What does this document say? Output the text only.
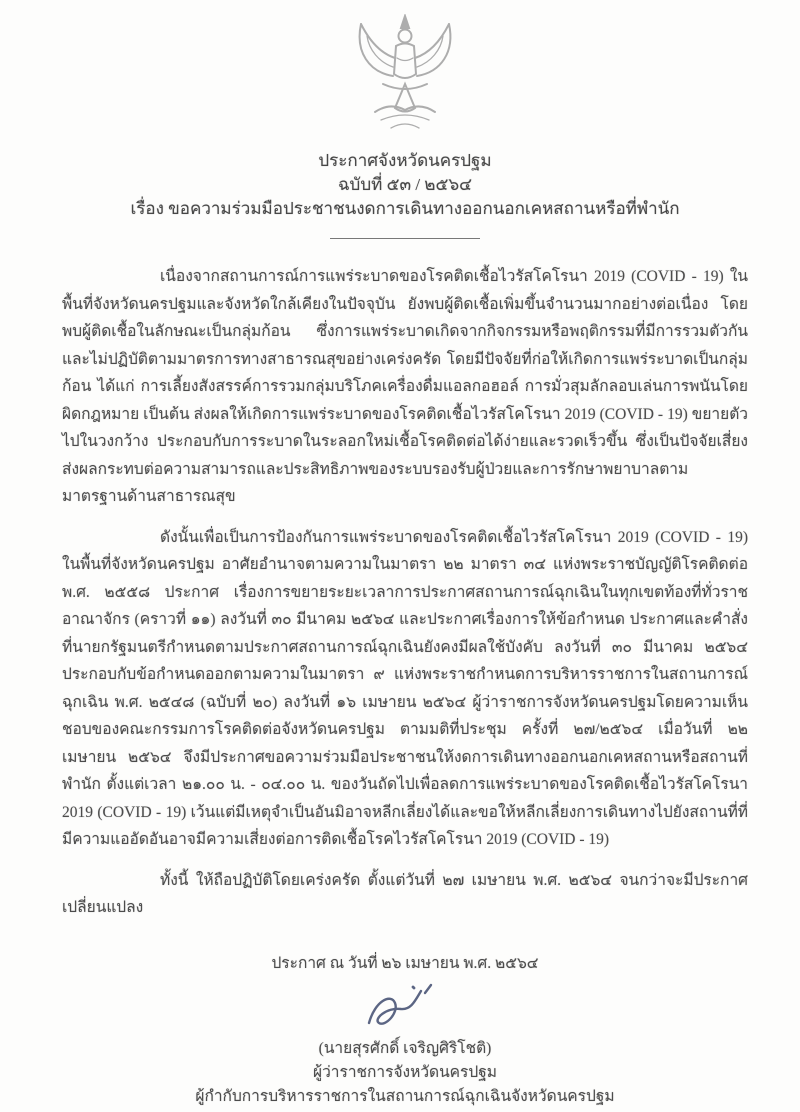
ประกาศจังหวัดนครปฐม
ฉบับที่ ๕๓ / ๒๕๖๔
เรื่อง ขอความร่วมมือประชาชนงดการเดินทางออกนอกเคหสถานหรือที่พำนัก

เนื่องจากสถานการณ์การแพร่ระบาดของโรคติดเชื้อไวรัสโคโรนา 2019 (COVID - 19) ในพื้นที่จังหวัดนครปฐมและจังหวัดใกล้เคียงในปัจจุบัน ยังพบผู้ติดเชื้อเพิ่มขึ้นจำนวนมากอย่างต่อเนื่อง โดยพบผู้ติดเชื้อในลักษณะเป็นกลุ่มก้อน ซึ่งการแพร่ระบาดเกิดจากกิจกรรมหรือพฤติกรรมที่มีการรวมตัวกันและไม่ปฏิบัติตามมาตรการทางสาธารณสุขอย่างเคร่งครัด โดยมีปัจจัยที่ก่อให้เกิดการแพร่ระบาดเป็นกลุ่มก้อน ได้แก่ การเลี้ยงสังสรรค์การรวมกลุ่มบริโภคเครื่องดื่มแอลกอฮอล์ การมั่วสุมลักลอบเล่นการพนันโดยผิดกฎหมาย เป็นต้น ส่งผลให้เกิดการแพร่ระบาดของโรคติดเชื้อไวรัสโคโรนา 2019 (COVID - 19) ขยายตัวไปในวงกว้าง ประกอบกับการระบาดในระลอกใหม่เชื้อโรคติดต่อได้ง่ายและรวดเร็วขึ้น ซึ่งเป็นปัจจัยเสี่ยงส่งผลกระทบต่อความสามารถและประสิทธิภาพของระบบรองรับผู้ป่วยและการรักษาพยาบาลตามมาตรฐานด้านสาธารณสุข

ดังนั้นเพื่อเป็นการป้องกันการแพร่ระบาดของโรคติดเชื้อไวรัสโคโรนา 2019 (COVID - 19) ในพื้นที่จังหวัดนครปฐม อาศัยอำนาจตามความในมาตรา ๒๒ มาตรา ๓๔ แห่งพระราชบัญญัติโรคติดต่อ พ.ศ. ๒๕๕๘ ประกาศ เรื่องการขยายระยะเวลาการประกาศสถานการณ์ฉุกเฉินในทุกเขตท้องที่ทั่วราชอาณาจักร (คราวที่ ๑๑) ลงวันที่ ๓๐ มีนาคม ๒๕๖๔ และประกาศเรื่องการให้ข้อกำหนด ประกาศและคำสั่งที่นายกรัฐมนตรีกำหนดตามประกาศสถานการณ์ฉุกเฉินยังคงมีผลใช้บังคับ ลงวันที่ ๓๐ มีนาคม ๒๕๖๔ ประกอบกับข้อกำหนดออกตามความในมาตรา ๙ แห่งพระราชกำหนดการบริหารราชการในสถานการณ์ฉุกเฉิน พ.ศ. ๒๕๔๘ (ฉบับที่ ๒๐) ลงวันที่ ๑๖ เมษายน ๒๕๖๔ ผู้ว่าราชการจังหวัดนครปฐมโดยความเห็นชอบของคณะกรรมการโรคติดต่อจังหวัดนครปฐม ตามมติที่ประชุม ครั้งที่ ๒๗/๒๕๖๔ เมื่อวันที่ ๒๒ เมษายน ๒๕๖๔ จึงมีประกาศขอความร่วมมือประชาชนให้งดการเดินทางออกนอกเคหสถานหรือสถานที่พำนัก ตั้งแต่เวลา ๒๑.๐๐ น. - ๐๔.๐๐ น. ของวันถัดไปเพื่อลดการแพร่ระบาดของโรคติดเชื้อไวรัสโคโรนา 2019 (COVID - 19) เว้นแต่มีเหตุจำเป็นอันมิอาจหลีกเลี่ยงได้และขอให้หลีกเลี่ยงการเดินทางไปยังสถานที่ที่มีความแออัดอันอาจมีความเสี่ยงต่อการติดเชื้อโรคไวรัสโคโรนา 2019 (COVID - 19)

ทั้งนี้ ให้ถือปฏิบัติโดยเคร่งครัด ตั้งแต่วันที่ ๒๗ เมษายน พ.ศ. ๒๕๖๔ จนกว่าจะมีประกาศเปลี่ยนแปลง

ประกาศ ณ วันที่ ๒๖ เมษายน พ.ศ. ๒๕๖๔
(นายสุรศักดิ์ เจริญศิริโชติ)
ผู้ว่าราชการจังหวัดนครปฐม
ผู้กำกับการบริหารราชการในสถานการณ์ฉุกเฉินจังหวัดนครปฐม
